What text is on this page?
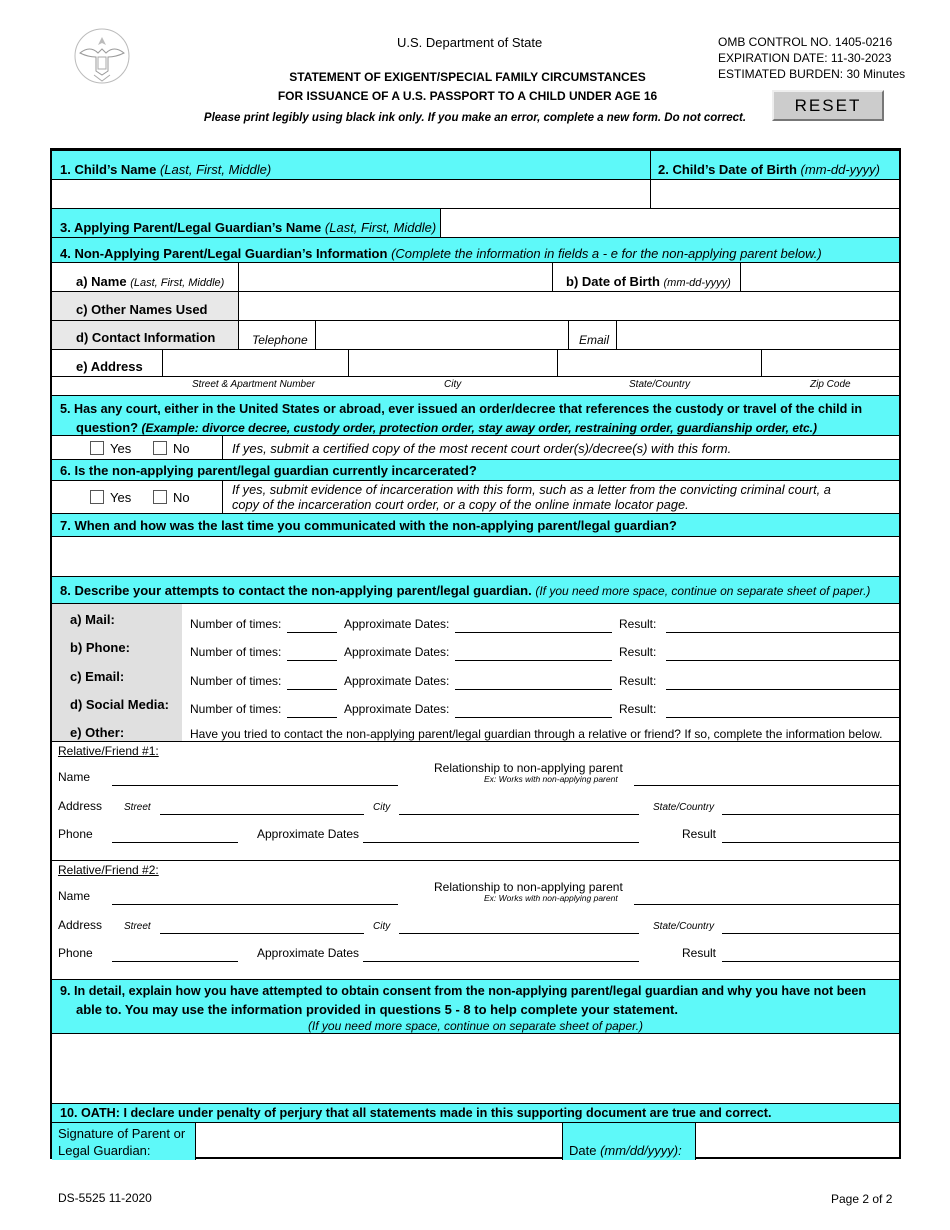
U.S. Department of State	OMB CONTROL NO. 1405-0216
EXPIRATION DATE: 11-30-2023
ESTIMATED BURDEN: 30 Minutes
STATEMENT OF EXIGENT/SPECIAL FAMILY CIRCUMSTANCES
FOR ISSUANCE OF A U.S. PASSPORT TO A CHILD UNDER AGE 16
Please print legibly using black ink only. If you make an error, complete a new form. Do not correct.
RESET
1. Child’s Name (Last, First, Middle)	2. Child’s Date of Birth (mm-dd-yyyy)
3. Applying Parent/Legal Guardian’s Name (Last, First, Middle)
4. Non-Applying Parent/Legal Guardian’s Information (Complete the information in fields a - e for the non-applying parent below.)
a) Name (Last, First, Middle)	b) Date of Birth (mm-dd-yyyy)
c) Other Names Used
d) Contact Information	Telephone	Email
e) Address
Street & Apartment Number	City	State/Country	Zip Code
5. Has any court, either in the United States or abroad, ever issued an order/decree that references the custody or travel of the child in
question? (Example: divorce decree, custody order, protection order, stay away order, restraining order, guardianship order, etc.)
Yes	No	If yes, submit a certified copy of the most recent court order(s)/decree(s) with this form.
6. Is the non-applying parent/legal guardian currently incarcerated?
Yes	No
If yes, submit evidence of incarceration with this form, such as a letter from the convicting criminal court, a
copy of the incarceration court order, or a copy of the online inmate locator page.
7. When and how was the last time you communicated with the non-applying parent/legal guardian?
8. Describe your attempts to contact the non-applying parent/legal guardian. (If you need more space, continue on separate sheet of paper.)
e) Other:	Have you tried to contact the non-applying parent/legal guardian through a relative or friend? If so, complete the information below.
9. In detail, explain how you have attempted to obtain consent from the non-applying parent/legal guardian and why you have not been
able to. You may use the information provided in questions 5 - 8 to help complete your statement.
(If you need more space, continue on separate sheet of paper.)
10. OATH: I declare under penalty of perjury that all statements made in this supporting document are true and correct.
Signature of Parent or
Legal Guardian:	Date (mm/dd/yyyy):
a) Mail:	Number of times:	Approximate Dates:	Result:
b) Phone:	Number of times:	Approximate Dates:	Result:
c) Email:	Number of times:	Approximate Dates:	Result:
d) Social Media: Number of times:	Approximate Dates:	Result:
Relative/Friend #1:
Name
Relationship to non-applying parent
Ex: Works with non-applying parent
Address Street	City	State/Country
Phone	Approximate Dates	Result
Relative/Friend #2:
Name
Relationship to non-applying parent
Ex: Works with non-applying parent
Address Street	City	State/Country
Phone	Approximate Dates	Result
DS-5525 11-2020	Page 2 of 2
